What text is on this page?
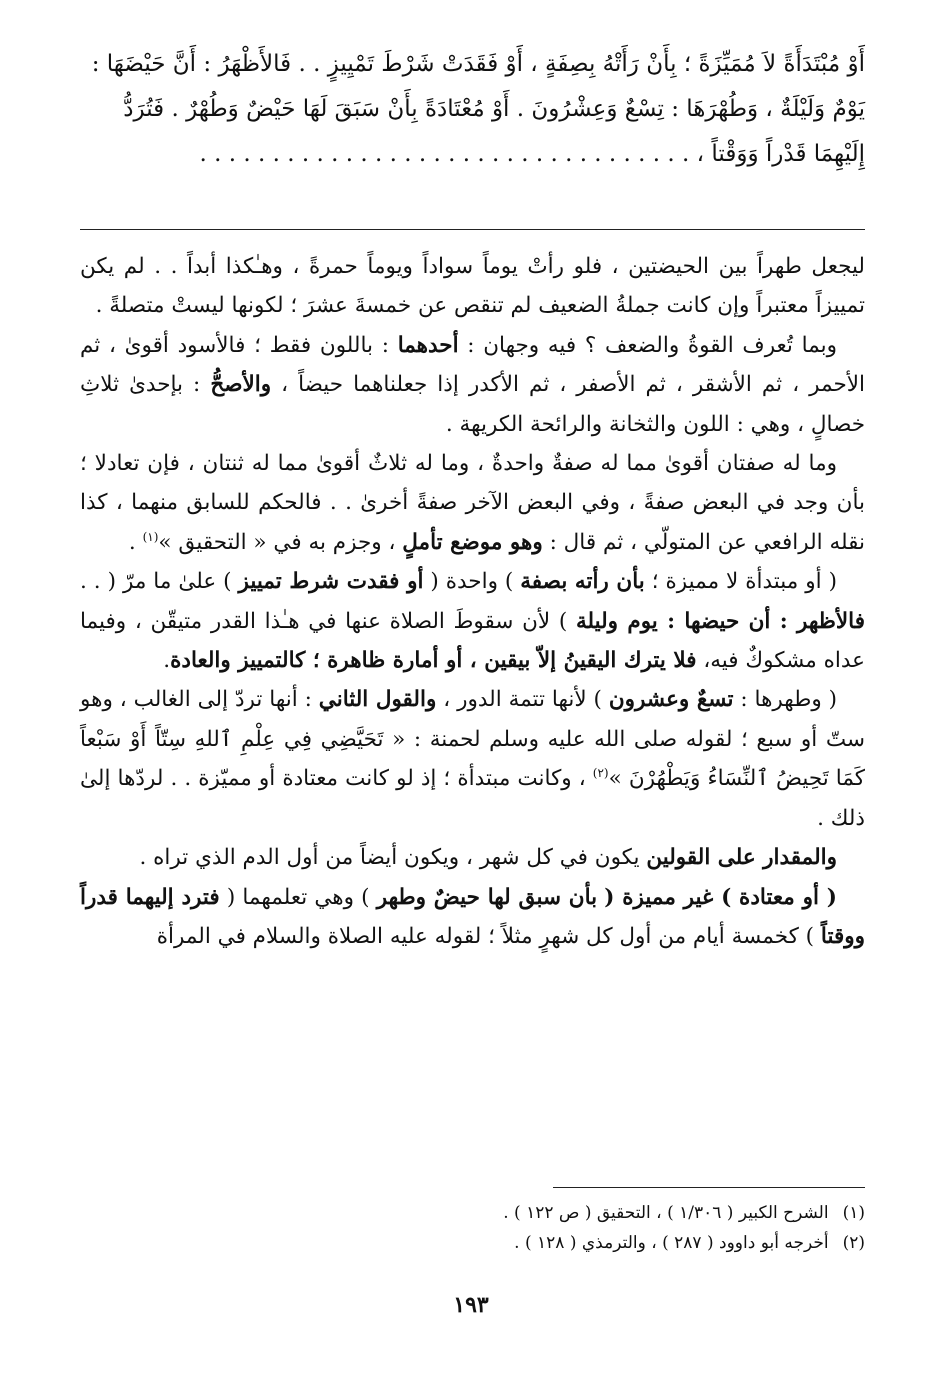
أَوْ مُبْتَدَأَةً لاَ مُمَيِّزَةً ؛ بِأَنْ رَأَتْهُ بِصِفَةٍ ، أَوْ فَقَدَتْ شَرْطَ تَمْيِيزٍ . . فَالأَظْهَرُ : أَنَّ حَيْضَهَا :
يَوْمٌ وَلَيْلَةٌ ، وَطُهْرَهَا : تِسْعٌ وَعِشْرُونَ . أَوْ مُعْتَادَةً بِأَنْ سَبَقَ لَهَا حَيْضٌ وَطُهْرٌ . فَتُرَدُّ
إِلَيْهِمَا قَدْراً وَوَقْتاً ، . . . . . . . . . . . . . . . . . . . . . . . . . . . . . . . . . .

ليجعل طهراً بين الحيضتين ، فلو رأتْ يوماً سواداً ويوماً حمرةً ، وهـٰكذا أبداً . . لم يكن تمييزاً معتبراً وإن كانت جملةُ الضعيف لم تنقص عن خمسةَ عشرَ ؛ لكونها ليستْ متصلةً .

وبما تُعرف القوةُ والضعف ؟ فيه وجهان : أحدهما : باللون فقط ؛ فالأسود أقوىٰ ، ثم الأحمر ، ثم الأشقر ، ثم الأصفر ، ثم الأكدر إذا جعلناهما حيضاً ، والأصحُّ : بإحدىٰ ثلاثِ خصالٍ ، وهي : اللون والثخانة والرائحة الكريهة .

وما له صفتان أقوىٰ مما له صفةٌ واحدةٌ ، وما له ثلاثٌ أقوىٰ مما له ثنتان ، فإن تعادلا ؛ بأن وجد في البعض صفةً ، وفي البعض الآخر صفةً أخرىٰ . . فالحكم للسابق منهما ، كذا نقله الرافعي عن المتولّي ، ثم قال : وهو موضع تأملٍ ، وجزم به في « التحقيق »$^{(١)}$ .

( أو مبتدأة لا مميزة ؛ بأن رأته بصفة ) واحدة ( أو فقدت شرط تمييز ) علىٰ ما مرّ ( . . فالأظهر : أن حيضها : يوم وليلة ) لأن سقوطَ الصلاة عنها في هـٰذا القدر متيقّن ، وفيما عداه مشكوكٌ فيه، فلا يترك اليقينُ إلاّ بيقين ، أو أمارة ظاهرة ؛ كالتمييز والعادة.

( وطهرها : تسعٌ وعشرون ) لأنها تتمة الدور ، والقول الثاني : أنها تردّ إلى الغالب ، وهو ستّ أو سبع ؛ لقوله صلى الله عليه وسلم لحمنة : « تَحَيَّضِي فِي عِلْمِ ٱللهِ سِتّاً أَوْ سَبْعاً كَمَا تَحِيضُ ٱلنِّسَاءُ وَيَطْهُرْنَ »$^{(٢)}$ ، وكانت مبتدأة ؛ إذ لو كانت معتادة أو مميّزة . . لردّها إلىٰ ذلك .

والمقدار على القولين يكون في كل شهر ، ويكون أيضاً من أول الدم الذي تراه .

( أو معتادة ) غير مميزة ( بأن سبق لها حيضٌ وطهر ) وهي تعلمهما ( فترد إليهما قدراً ووقتاً ) كخمسة أيام من أول كل شهرٍ مثلاً ؛ لقوله عليه الصلاة والسلام في المرأة

(١)الشرح الكبير ( ١/٣٠٦ ) ، التحقيق ( ص ١٢٢ ) .
(٢)أخرجه أبو داوود ( ٢٨٧ ) ، والترمذي ( ١٢٨ ) .
١٩٣
